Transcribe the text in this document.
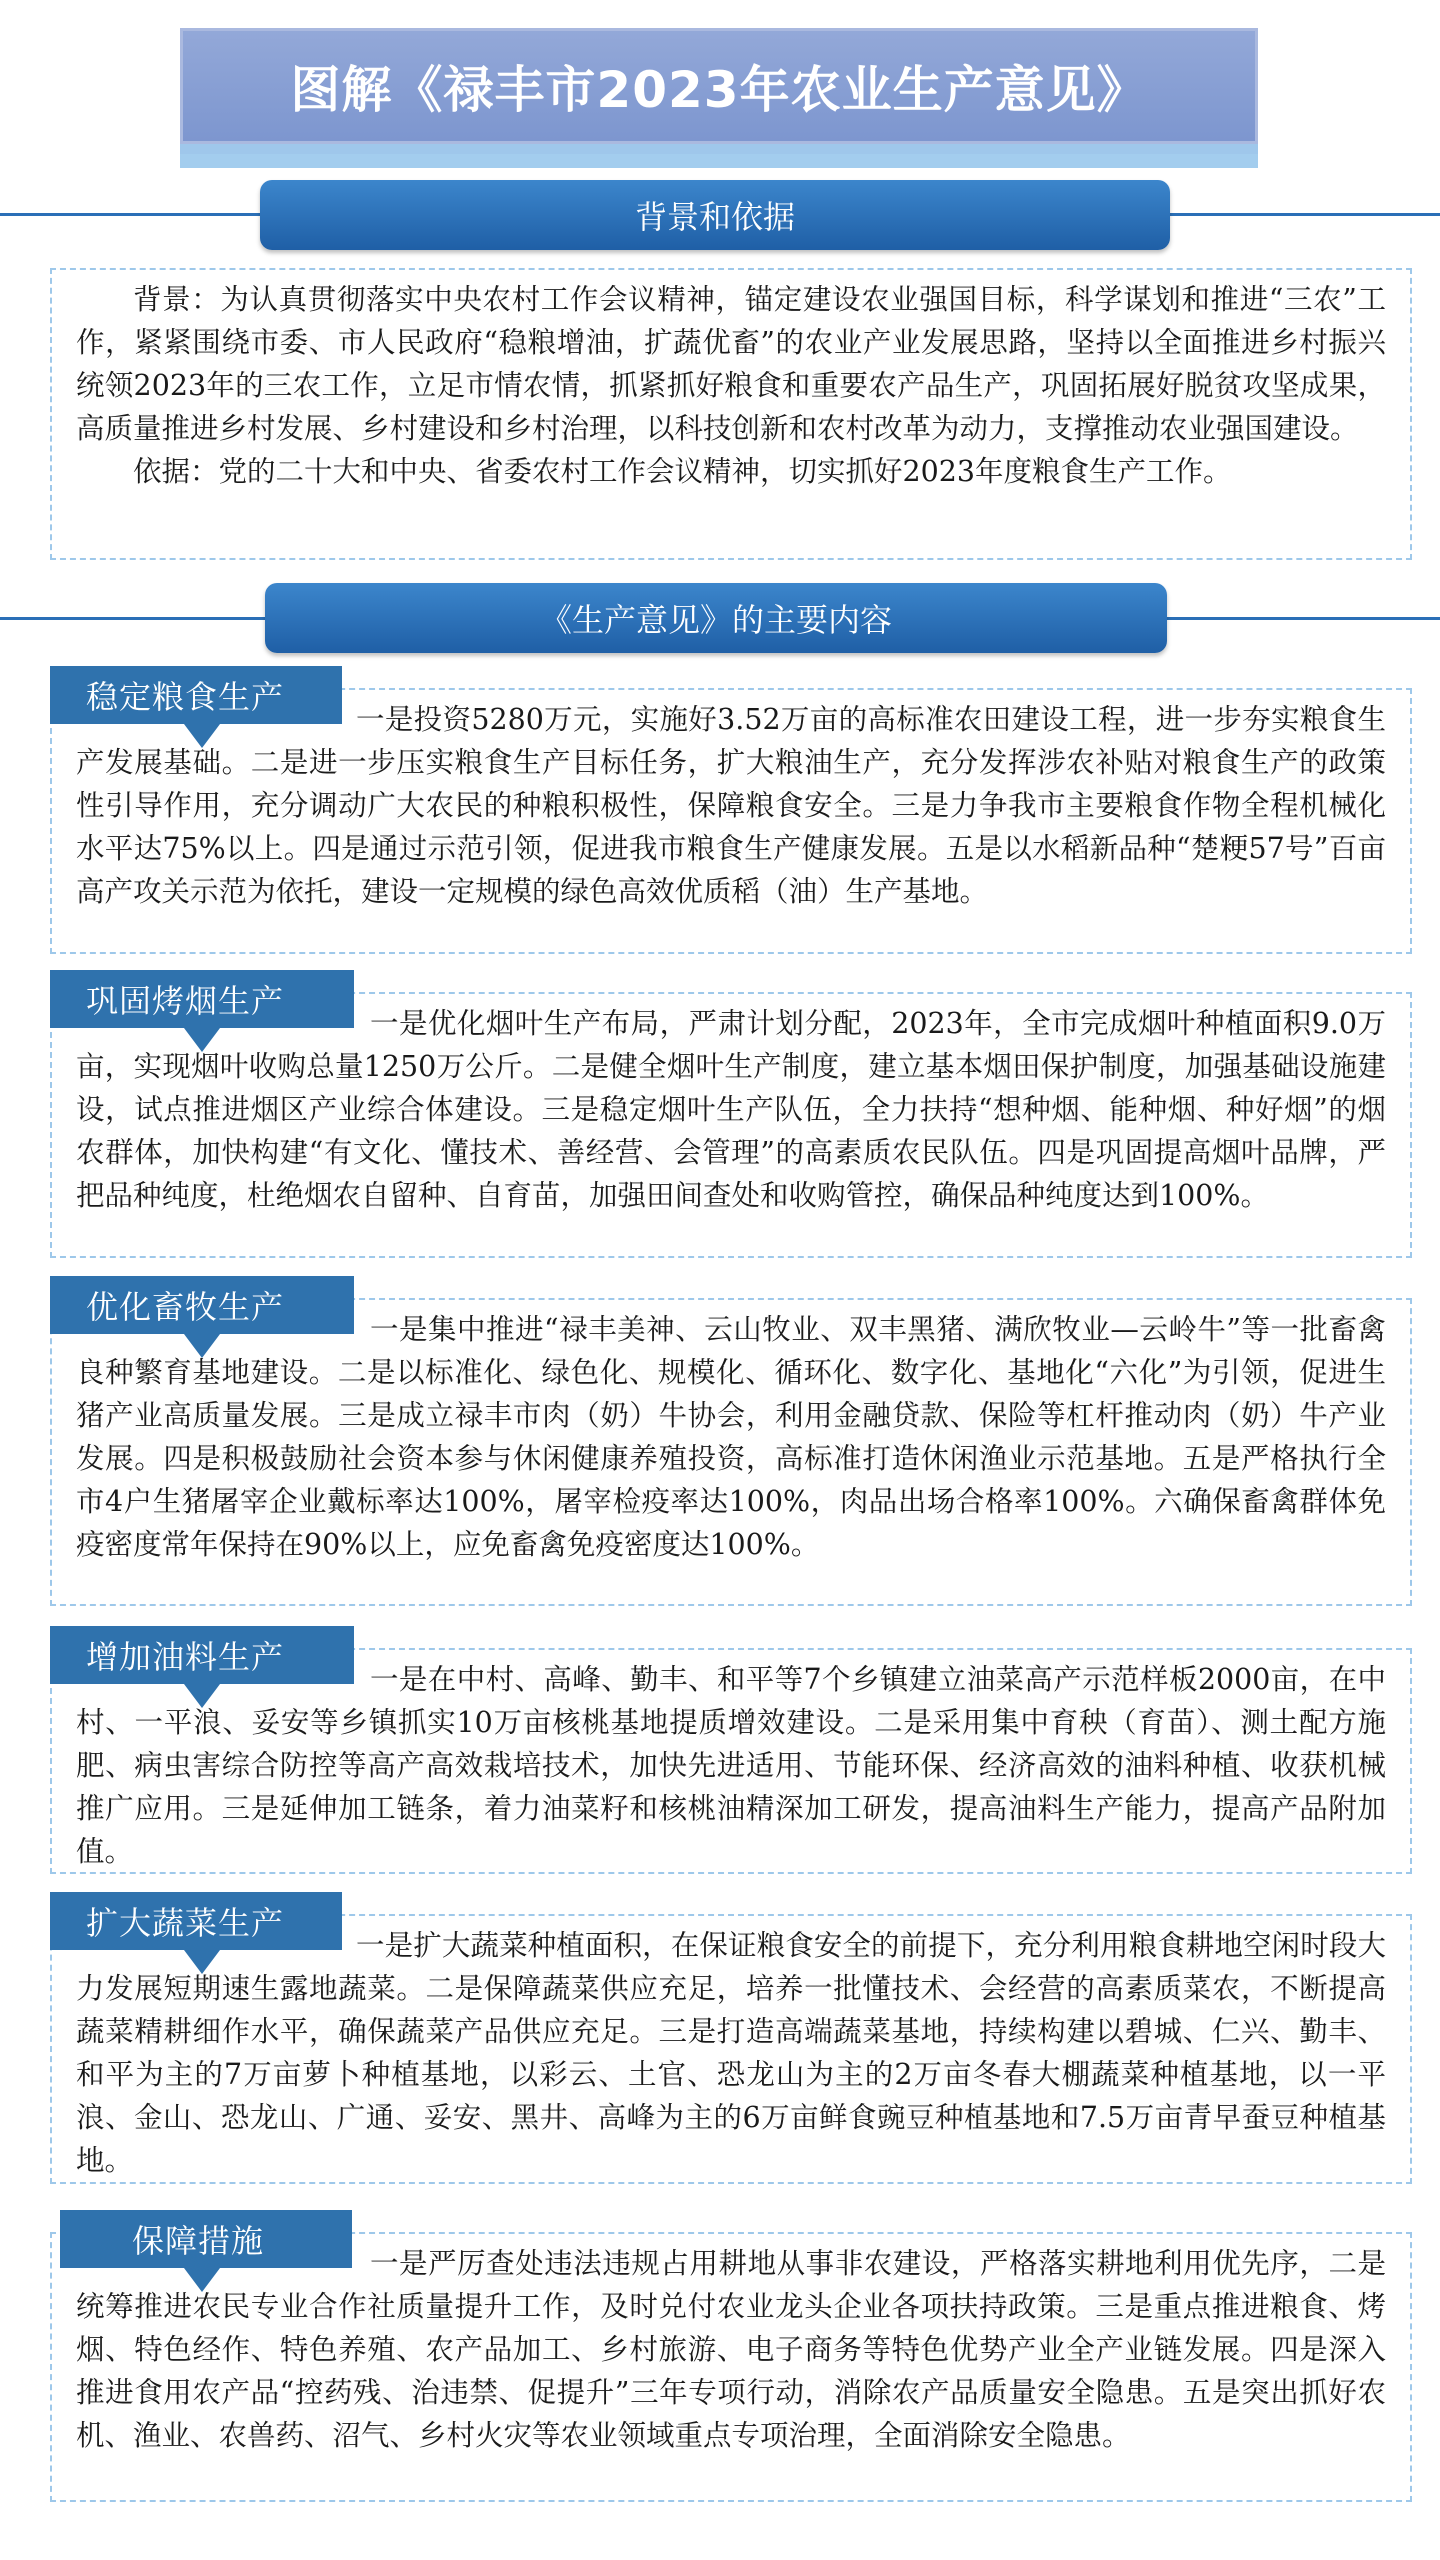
图解《禄丰市2023年农业生产意见》
背景和依据

背景：为认真贯彻落实中央农村工作会议精神，锚定建设农业强国目标，科学谋划和推进“三农”工作，紧紧围绕市委、市人民政府“稳粮增油，扩蔬优畜”的农业产业发展思路，坚持以全面推进乡村振兴统领2023年的三农工作，立足市情农情，抓紧抓好粮食和重要农产品生产，巩固拓展好脱贫攻坚成果，高质量推进乡村发展、乡村建设和乡村治理，以科技创新和农村改革为动力，支撑推动农业强国建设。

依据：党的二十大和中央、省委农村工作会议精神，切实抓好2023年度粮食生产工作。

《生产意见》的主要内容

一是投资5280万元，实施好3.52万亩的高标准农田建设工程，进一步夯实粮食生产发展基础。二是进一步压实粮食生产目标任务，扩大粮油生产，充分发挥涉农补贴对粮食生产的政策性引导作用，充分调动广大农民的种粮积极性，保障粮食安全。三是力争我市主要粮食作物全程机械化水平达75%以上。四是通过示范引领，促进我市粮食生产健康发展。五是以水稻新品种“楚粳57号”百亩高产攻关示范为依托，建设一定规模的绿色高效优质稻（油）生产基地。

稳定粮食生产

一是优化烟叶生产布局，严肃计划分配，2023年，全市完成烟叶种植面积9.0万亩，实现烟叶收购总量1250万公斤。二是健全烟叶生产制度，建立基本烟田保护制度，加强基础设施建设，试点推进烟区产业综合体建设。三是稳定烟叶生产队伍，全力扶持“想种烟、能种烟、种好烟”的烟农群体，加快构建“有文化、懂技术、善经营、会管理”的高素质农民队伍。四是巩固提高烟叶品牌，严把品种纯度，杜绝烟农自留种、自育苗，加强田间查处和收购管控，确保品种纯度达到100%。

巩固烤烟生产

一是集中推进“禄丰美神、云山牧业、双丰黑猪、满欣牧业—云岭牛”等一批畜禽良种繁育基地建设。二是以标准化、绿色化、规模化、循环化、数字化、基地化“六化”为引领，促进生猪产业高质量发展。三是成立禄丰市肉（奶）牛协会，利用金融贷款、保险等杠杆推动肉（奶）牛产业发展。四是积极鼓励社会资本参与休闲健康养殖投资，高标准打造休闲渔业示范基地。五是严格执行全市4户生猪屠宰企业戴标率达100%，屠宰检疫率达100%，肉品出场合格率100%。六确保畜禽群体免疫密度常年保持在90%以上，应免畜禽免疫密度达100%。

优化畜牧生产

一是在中村、高峰、勤丰、和平等7个乡镇建立油菜高产示范样板2000亩，在中村、一平浪、妥安等乡镇抓实10万亩核桃基地提质增效建设。二是采用集中育秧（育苗）、测土配方施肥、病虫害综合防控等高产高效栽培技术，加快先进适用、节能环保、经济高效的油料种植、收获机械推广应用。三是延伸加工链条，着力油菜籽和核桃油精深加工研发，提高油料生产能力，提高产品附加值。

增加油料生产

一是扩大蔬菜种植面积，在保证粮食安全的前提下，充分利用粮食耕地空闲时段大力发展短期速生露地蔬菜。二是保障蔬菜供应充足，培养一批懂技术、会经营的高素质菜农，不断提高蔬菜精耕细作水平，确保蔬菜产品供应充足。三是打造高端蔬菜基地，持续构建以碧城、仁兴、勤丰、和平为主的7万亩萝卜种植基地，以彩云、土官、恐龙山为主的2万亩冬春大棚蔬菜种植基地，以一平浪、金山、恐龙山、广通、妥安、黑井、高峰为主的6万亩鲜食豌豆种植基地和7.5万亩青早蚕豆种植基地。

扩大蔬菜生产

一是严厉查处违法违规占用耕地从事非农建设，严格落实耕地利用优先序，二是统筹推进农民专业合作社质量提升工作，及时兑付农业龙头企业各项扶持政策。三是重点推进粮食、烤烟、特色经作、特色养殖、农产品加工、乡村旅游、电子商务等特色优势产业全产业链发展。四是深入推进食用农产品“控药残、治违禁、促提升”三年专项行动，消除农产品质量安全隐患。五是突出抓好农机、渔业、农兽药、沼气、乡村火灾等农业领域重点专项治理，全面消除安全隐患。

保障措施
